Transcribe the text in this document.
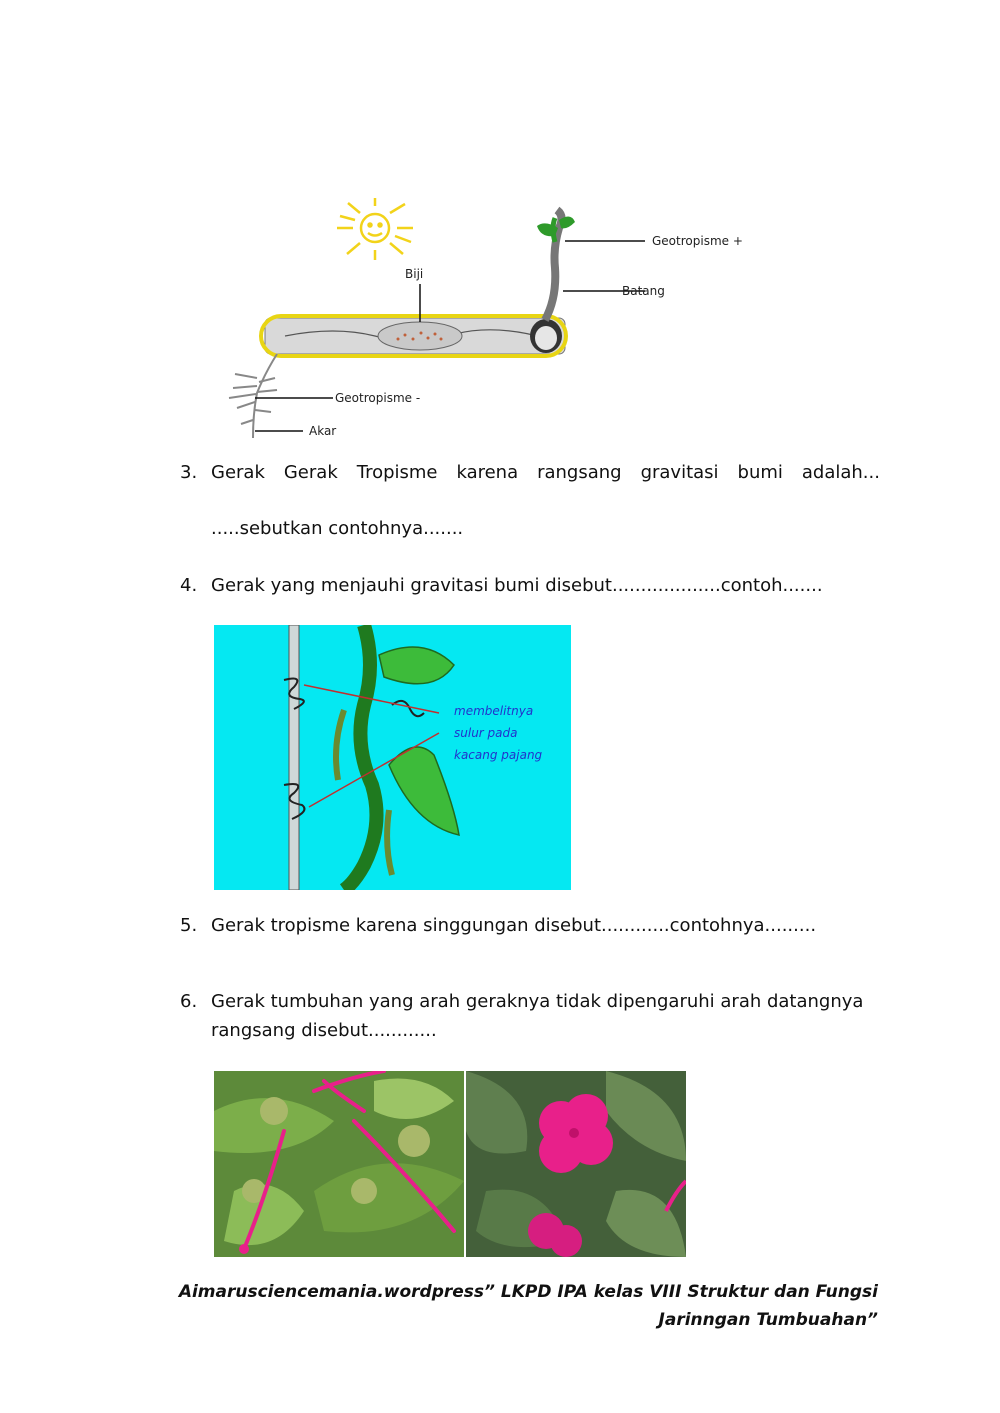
Biji
Geotropisme +
Batang
Geotropisme -
Akar
3. Gerak Gerak Tropisme karena rangsang gravitasi bumi adalah...
.....sebutkan contohnya.......
4. Gerak yang menjauhi gravitasi bumi disebut...................contoh.......
membelitnya
sulur pada
kacang pajang
5. Gerak tropisme karena singgungan disebut............contohnya.........
6. Gerak tumbuhan yang arah geraknya tidak dipengaruhi arah datangnya
rangsang disebut............
Aimarusciencemania.wordpress” LKPD IPA kelas VIII Struktur dan Fungsi
Jarinngan Tumbuahan”
